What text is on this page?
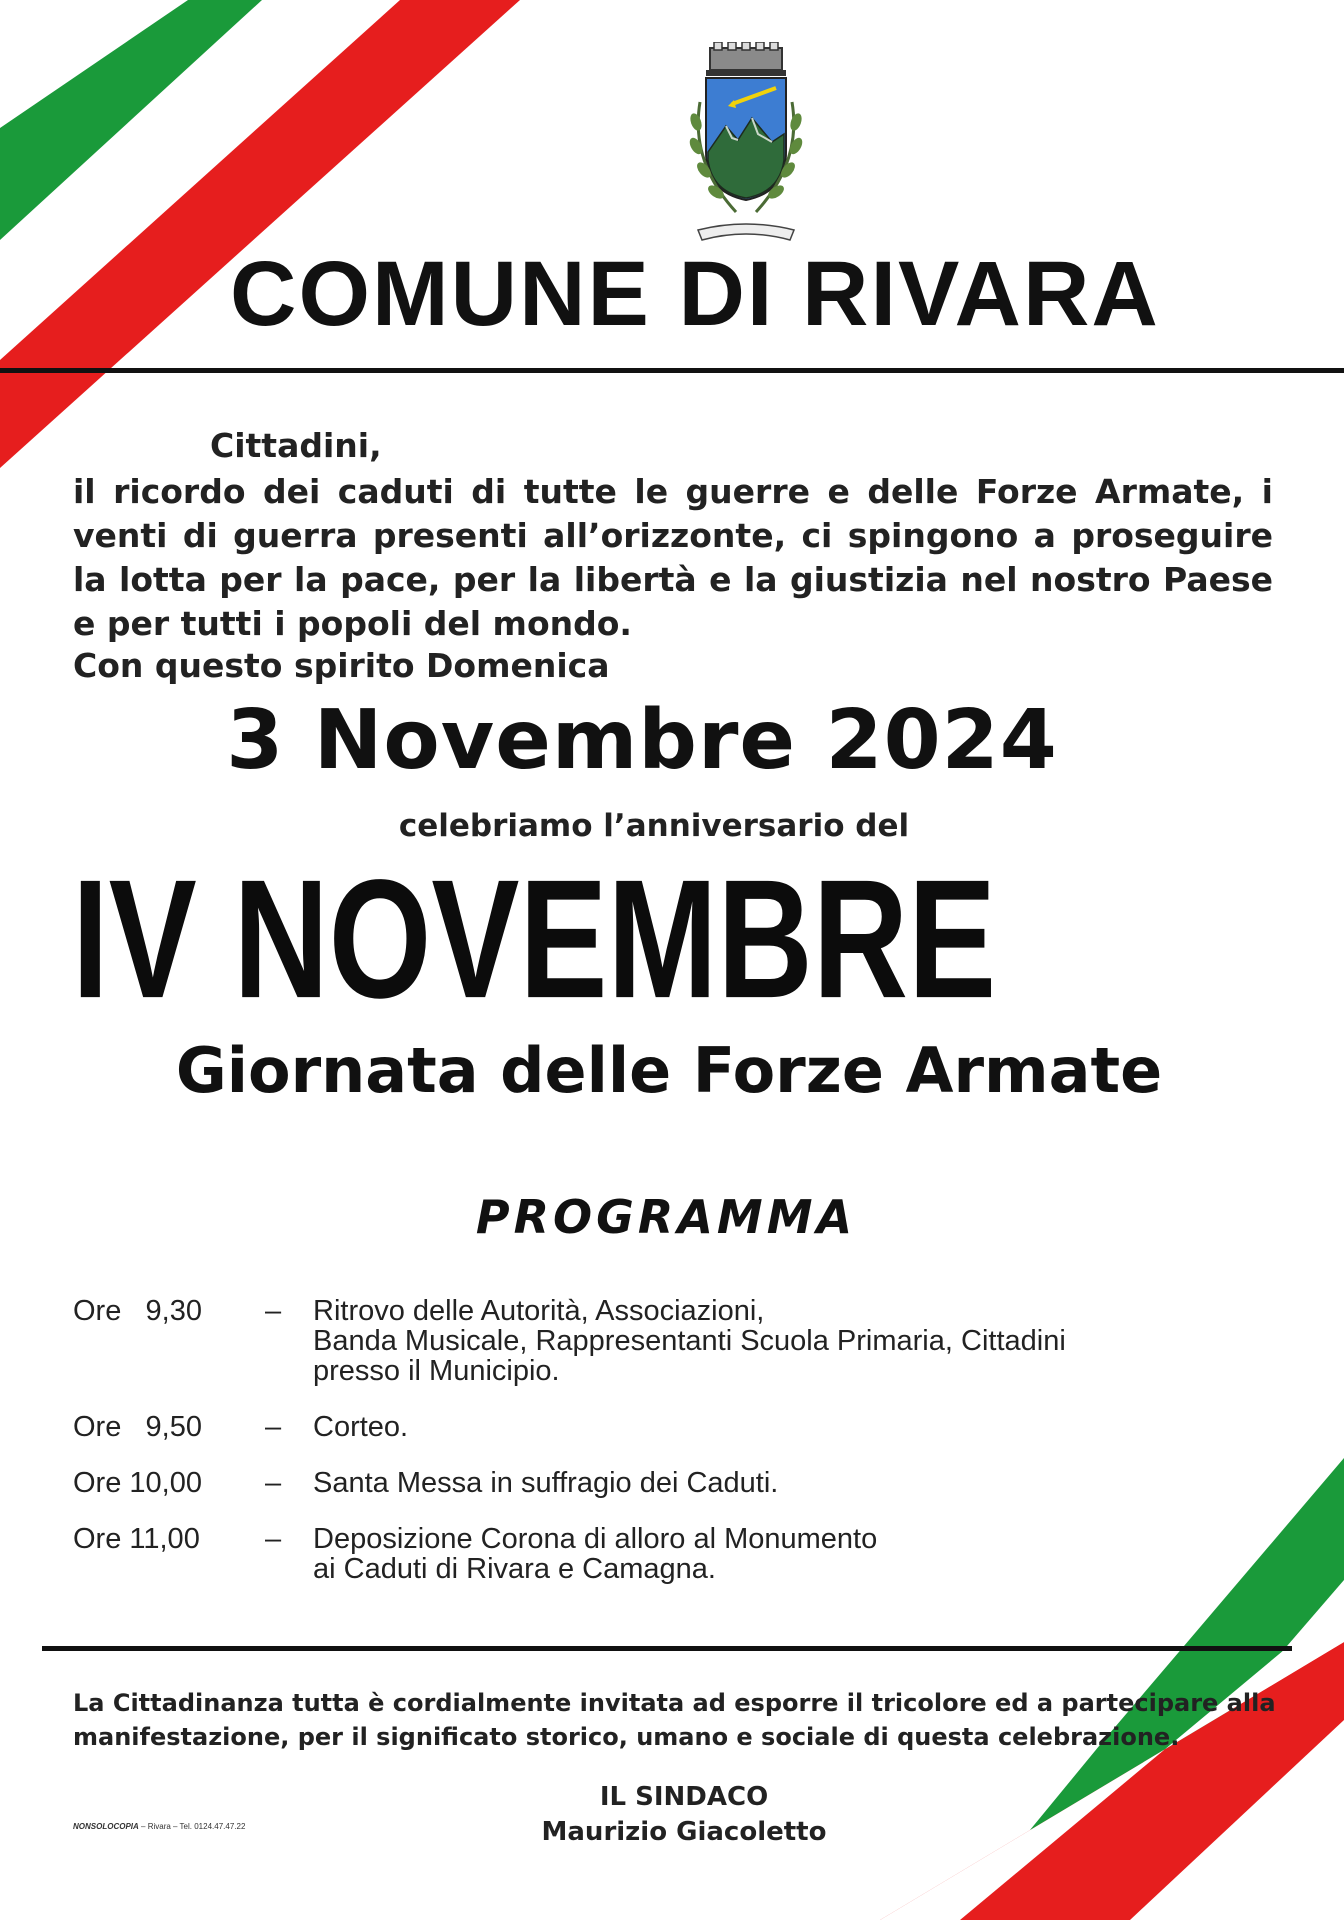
COMUNE DI RIVARA
Cittadini,
il ricordo dei caduti di tutte le guerre e delle Forze Armate, i venti di guerra presenti all’orizzonte, ci spingono a proseguire la lotta per la pace, per la libertà e la giustizia nel nostro Paese e per tutti i popoli del mondo.
Con questo spirito Domenica
3 Novembre 2024
celebriamo l’anniversario del
IV NOVEMBRE
Giornata delle Forze Armate
PROGRAMMA
Ore   9,30	–	Ritrovo delle Autorità, Associazioni,
Banda Musicale, Rappresentanti Scuola Primaria, Cittadini
presso il Municipio.
Ore   9,50	–	Corteo.
Ore 10,00	–	Santa Messa in suffragio dei Caduti.
Ore 11,00	–	Deposizione Corona di alloro al Monumento
ai Caduti di Rivara e Camagna.
La Cittadinanza tutta è cordialmente invitata ad esporre il tricolore ed a partecipare alla manifestazione, per il significato storico, umano e sociale di questa celebrazione.
IL SINDACO
Maurizio Giacoletto
NONSOLOCOPIA – Rivara – Tel. 0124.47.47.22
